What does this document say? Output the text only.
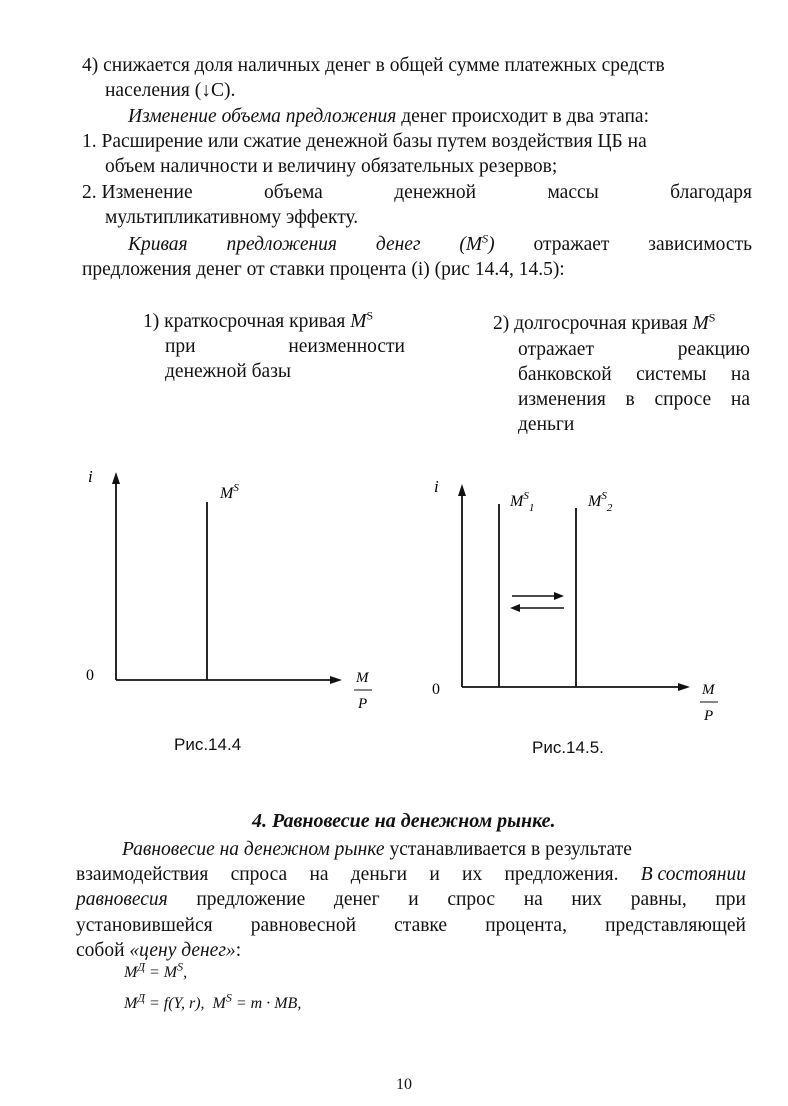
4) снижается доля наличных денег в общей сумме платежных средств
населения (↓C).
Изменение объема предложения денег происходит в два этапа:
1. Расширение или сжатие денежной базы путем воздействия ЦБ на
объем наличности и величину обязательных резервов;
2. Изменение	объема	денежной	массы	благодаря
мультипликативному эффекту.
Кривая предложения денег $(M^S)$ отражает зависимость
предложения денег от ставки процента (i) (рис 14.4, 14.5):
1) краткосрочная кривая $M^S$
при	неизменности
денежной базы
2) долгосрочная кривая $M^S$
отражает	реакцию
банковской системы на
изменения в спросе на
деньги
i
0	M
P
$M^S$
Рис.14.4
i
0	M
P
$M^S_1$	$M^S_2$
Рис.14.5.
4. Равновесие на денежном рынке.
Равновесие на денежном рынке устанавливается в результате
взаимодействия спроса на деньги и их предложения. В состоянии
равновесия предложение денег и спрос на них равны, при
установившейся равновесной ставке процента, представляющей
собой «цену денег»:
$M^Д = M^S$,
$M^Д = f(Y$, r),  $M^S = m$ · MB,
10
